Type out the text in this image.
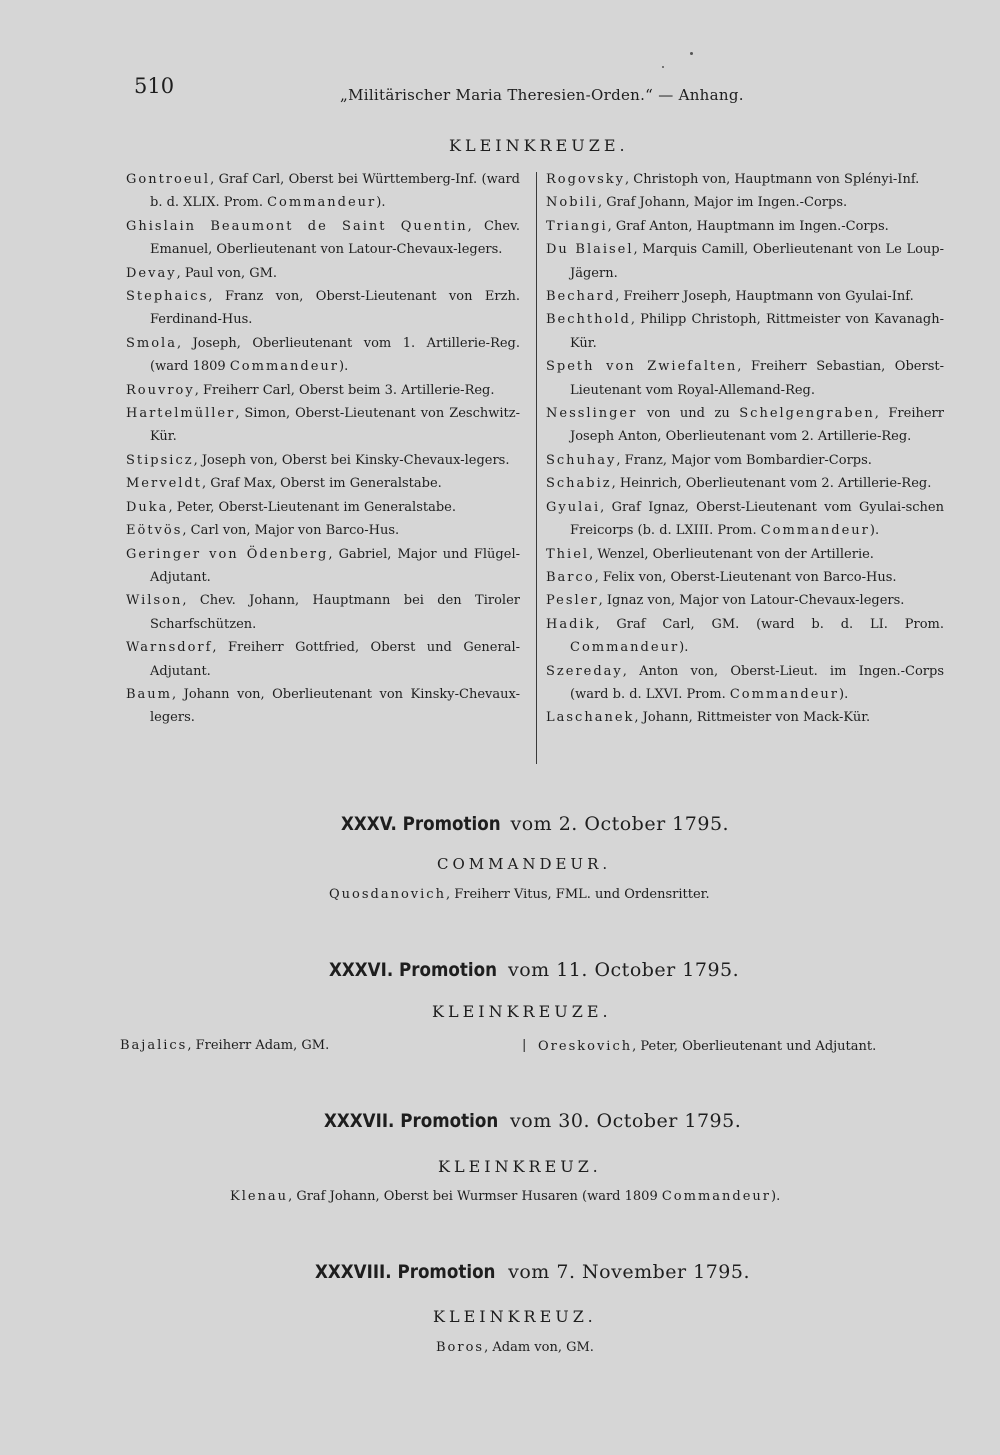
510	„Militärischer Maria Theresien-Orden.“ — Anhang.
KLEINKREUZE.

Gontroeul, Graf Carl, Oberst bei Württemberg-Inf. (ward b. d. XLIX. Prom. Commandeur).

Ghislain Beaumont de Saint Quentin, Chev. Emanuel, Oberlieutenant von Latour-Chevaux-legers.

Devay, Paul von, GM.

Stephaics, Franz von, Oberst-Lieutenant von Erzh. Ferdinand-Hus.

Smola, Joseph, Oberlieutenant vom 1. Artillerie-Reg. (ward 1809 Commandeur).

Rouvroy, Freiherr Carl, Oberst beim 3. Artillerie-Reg.

Hartelmüller, Simon, Oberst-Lieutenant von Zeschwitz-Kür.

Stipsicz, Joseph von, Oberst bei Kinsky-Chevaux-legers.

Merveldt, Graf Max, Oberst im Generalstabe.

Duka, Peter, Oberst-Lieutenant im Generalstabe.

Eötvös, Carl von, Major von Barco-Hus.

Geringer von Ödenberg, Gabriel, Major und Flügel-Adjutant.

Wilson, Chev. Johann, Hauptmann bei den Tiroler Scharfschützen.

Warnsdorf, Freiherr Gottfried, Oberst und General-Adjutant.

Baum, Johann von, Oberlieutenant von Kinsky-Chevaux-legers.

Rogovsky, Christoph von, Hauptmann von Splényi-Inf.

Nobili, Graf Johann, Major im Ingen.-Corps.

Triangi, Graf Anton, Hauptmann im Ingen.-Corps.

Du Blaisel, Marquis Camill, Oberlieutenant von Le Loup-Jägern.

Bechard, Freiherr Joseph, Hauptmann von Gyulai-Inf.

Bechthold, Philipp Christoph, Rittmeister von Kavanagh-Kür.

Speth von Zwiefalten, Freiherr Sebastian, Oberst-Lieutenant vom Royal-Allemand-Reg.

Nesslinger von und zu Schelgengraben, Freiherr Joseph Anton, Oberlieutenant vom 2. Artillerie-Reg.

Schuhay, Franz, Major vom Bombardier-Corps.

Schabiz, Heinrich, Oberlieutenant vom 2. Artillerie-Reg.

Gyulai, Graf Ignaz, Oberst-Lieutenant vom Gyulai-schen Freicorps (b. d. LXIII. Prom. Commandeur).

Thiel, Wenzel, Oberlieutenant von der Artillerie.

Barco, Felix von, Oberst-Lieutenant von Barco-Hus.

Pesler, Ignaz von, Major von Latour-Chevaux-legers.

Hadik, Graf Carl, GM. (ward b. d. LI. Prom. Commandeur).

Szereday, Anton von, Oberst-Lieut. im Ingen.-Corps (ward b. d. LXVI. Prom. Commandeur).

Laschanek, Johann, Rittmeister von Mack-Kür.

XXXV. Promotion vom 2. October 1795.
COMMANDEUR.
Quosdanovich, Freiherr Vitus, FML. und Ordensritter.
XXXVI. Promotion vom 11. October 1795.
KLEINKREUZE.
Bajalics, Freiherr Adam, GM.	| Oreskovich, Peter, Oberlieutenant und Adjutant.
XXXVII. Promotion vom 30. October 1795.
KLEINKREUZ.
Klenau, Graf Johann, Oberst bei Wurmser Husaren (ward 1809 Commandeur).
XXXVIII. Promotion vom 7. November 1795.
KLEINKREUZ.
Boros, Adam von, GM.
